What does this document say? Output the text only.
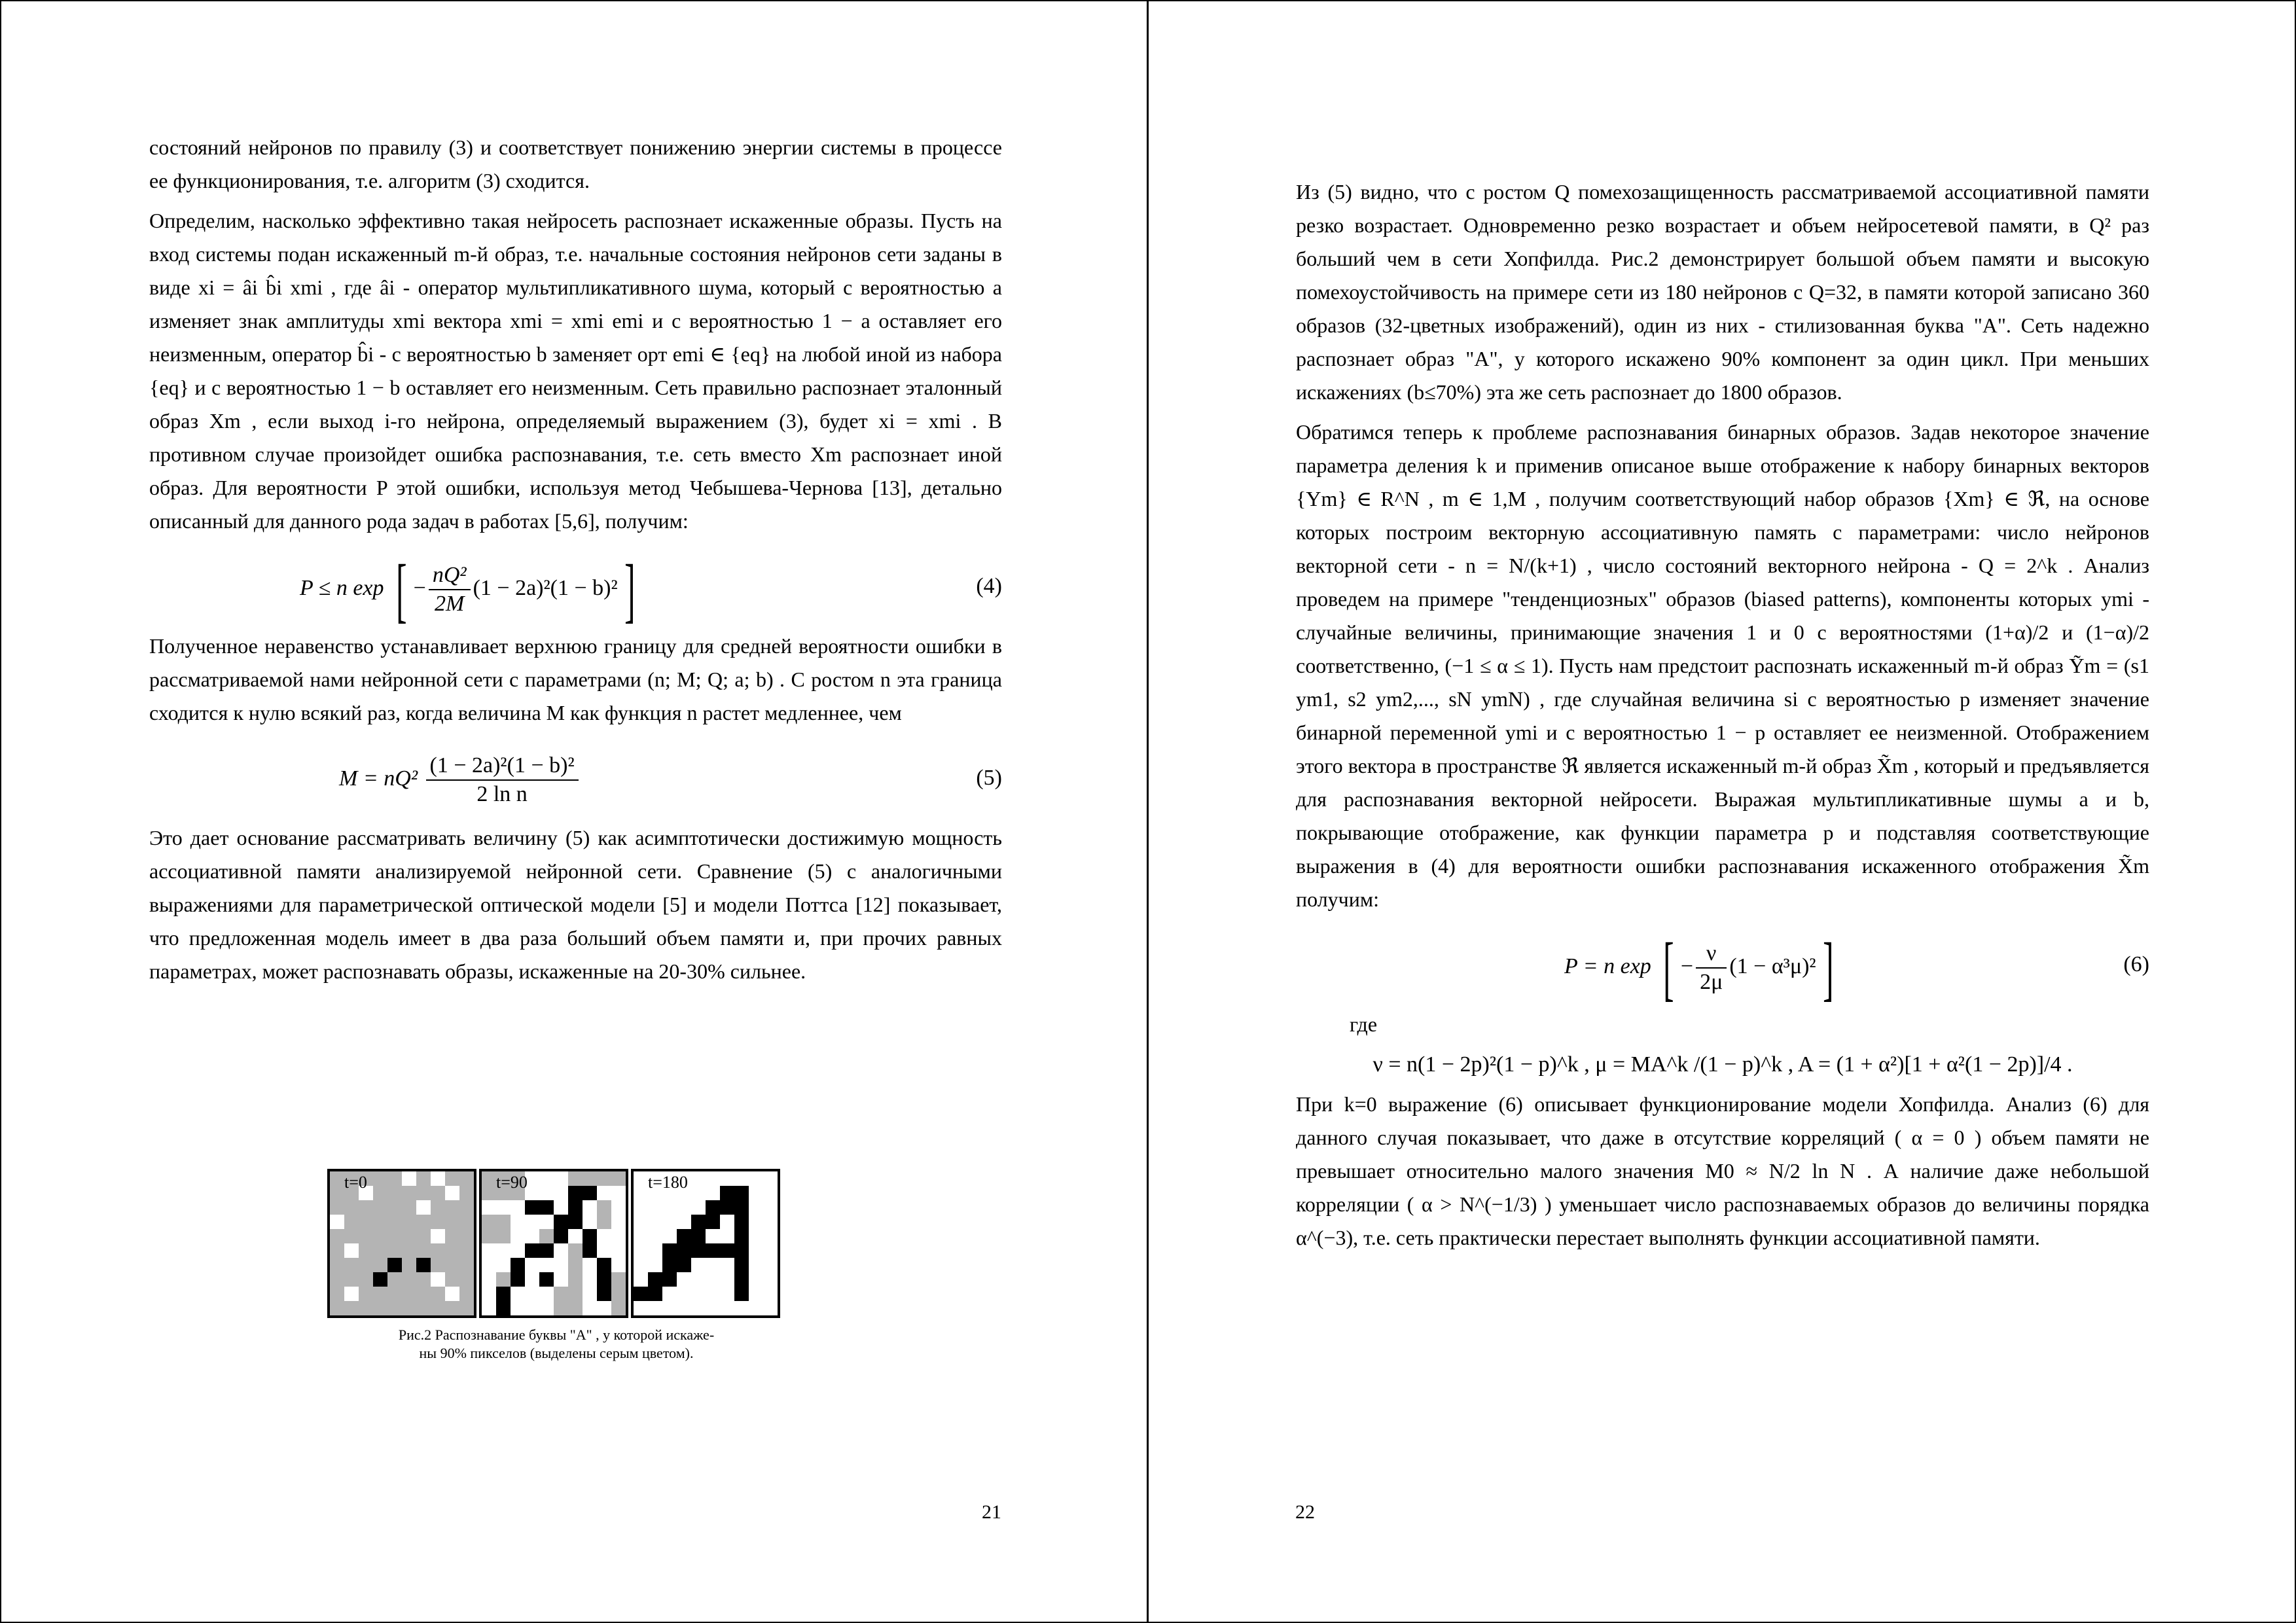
состояний нейронов по правилу (3) и соответствует понижению энергии системы в процессе ее функционирования, т.е. алгоритм (3) сходится.

Определим, насколько эффективно такая нейросеть распознает искаженные образы. Пусть на вход системы подан искаженный m-й образ, т.е. начальные состояния нейронов сети заданы в виде xi = âi b̂i xmi , где âi - оператор мультипликативного шума, который с вероятностью a изменяет знак амплитуды xmi вектора xmi = xmi emi и с вероятностью 1 − a оставляет его неизменным, оператор b̂i - с вероятностью b заменяет орт emi ∈ {eq} на любой иной из набора {eq} и с вероятностью 1 − b оставляет его неизменным. Сеть правильно распознает эталонный образ Xm , если выход i-го нейрона, определяемый выражением (3), будет xi = xmi . В противном случае произойдет ошибка распознавания, т.е. сеть вместо Xm распознает иной образ. Для вероятности P этой ошибки, используя метод Чебышева-Чернова [13], детально описанный для данного рода задач в работах [5,6], получим:

P ≤ n exp [ − $\frac{\text{nQ²}}{2M} (1 - 2a)^2(1 - b)^2$]	(4)

Полученное неравенство устанавливает верхнюю границу для средней вероятности ошибки в рассматриваемой нами нейронной сети с параметрами (n; M; Q; a; b) . С ростом n эта граница сходится к нулю всякий раз, когда величина M как функция n растет медленнее, чем

$M = nQ^2 \frac{\text{(1 − 2a)²(1 − b)²}}{\text{2 ln n}}$	(5)

Это дает основание рассматривать величину (5) как асимптотически достижимую мощность ассоциативной памяти анализируемой нейронной сети. Сравнение (5) с аналогичными выражениями для параметрической оптической модели [5] и модели Поттса [12] показывает, что предложенная модель имеет в два раза больший объем памяти и, при прочих равных параметрах, может распознавать образы, искаженные на 20-30% сильнее.

t=0	t=90	t=180
Рис.2 Распознавание буквы "А" , у которой искаже-
ны 90% пикселов (выделены серым цветом).
21

Из (5) видно, что с ростом Q помехозащищенность рассматриваемой ассоциативной памяти резко возрастает. Одновременно резко возрастает и объем нейросетевой памяти, в Q² раз больший чем в сети Хопфилда. Рис.2 демонстрирует большой объем памяти и высокую помехоустойчивость на примере сети из 180 нейронов с Q=32, в памяти которой записано 360 образов (32-цветных изображений), один из них - стилизованная буква "А". Сеть надежно распознает образ "А", у которого искажено 90% компонент за один цикл. При меньших искажениях (b≤70%) эта же сеть распознает до 1800 образов.

Обратимся теперь к проблеме распознавания бинарных образов. Задав некоторое значение параметра деления k и применив описаное выше отображение к набору бинарных векторов {Ym} ∈ R^N , m ∈ 1,M , получим соответствующий набор образов {Xm} ∈ ℜ, на основе которых построим векторную ассоциативную память с параметрами: число нейронов векторной сети - n = N/(k+1) , число состояний векторного нейрона - Q = 2^k . Анализ проведем на примере "тенденциозных" образов (biased patterns), компоненты которых ymi - случайные величины, принимающие значения 1 и 0 с вероятностями (1+α)/2 и (1−α)/2 соответственно, (−1 ≤ α ≤ 1). Пусть нам предстоит распознать искаженный m-й образ Ỹm = (s1 ym1, s2 ym2,..., sN ymN) , где случайная величина si с вероятностью p изменяет значение бинарной переменной ymi и с вероятностью 1 − p оставляет ее неизменной. Отображением этого вектора в пространстве ℜ является искаженный m-й образ X̃m , который и предъявляется для распознавания векторной нейросети. Выражая мультипликативные шумы a и b, покрывающие отображение, как функции параметра p и подставляя соответствующие выражения в (4) для вероятности ошибки распознавания искаженного отображения X̃m получим:

P = n exp [ − $\frac{\nu}{2\mu} (1 - \alpha^3\mu)^2$]	(6)

где

ν = n(1 − 2p)²(1 − p)^k , μ = MA^k /(1 − p)^k , A = (1 + α²)[1 + α²(1 − 2p)]/4 .

При k=0 выражение (6) описывает функционирование модели Хопфилда. Анализ (6) для данного случая показывает, что даже в отсутствие корреляций ( α = 0 ) объем памяти не превышает относительно малого значения M0 ≈ N/2 ln N . А наличие даже небольшой корреляции ( α > N^(−1/3) ) уменьшает число распознаваемых образов до величины порядка α^(−3), т.е. сеть практически перестает выполнять функции ассоциативной памяти.

22
